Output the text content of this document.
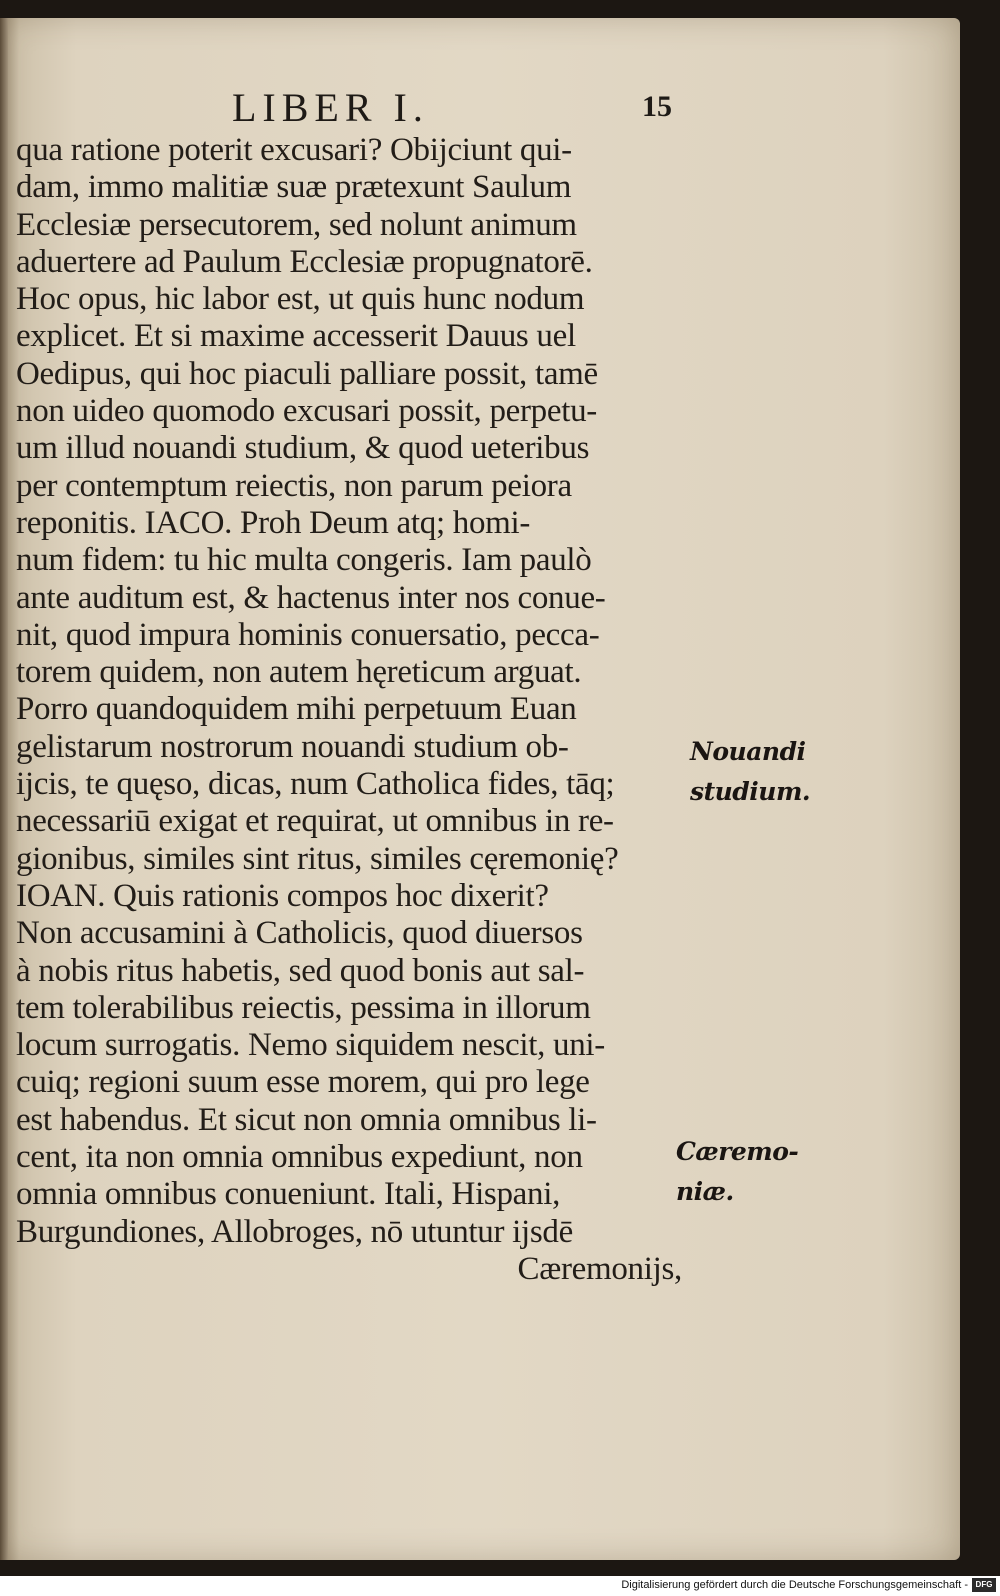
LIBER I.	15
qua ratione poterit excusari? Obijciunt qui-
dam, immo malitiæ suæ prætexunt Saulum
Ecclesiæ persecutorem, sed nolunt animum
aduertere ad Paulum Ecclesiæ propugnatorē.
Hoc opus, hic labor est, ut quis hunc nodum
explicet. Et si maxime accesserit Dauus uel
Oedipus, qui hoc piaculi palliare possit, tamē
non uideo quomodo excusari possit, perpetu-
um illud nouandi studium, & quod ueteribus
per contemptum reiectis, non parum peiora
reponitis. IACO. Proh Deum atq; homi-
num fidem: tu hic multa congeris. Iam paulò
ante auditum est, & hactenus inter nos conue-
nit, quod impura hominis conuersatio, pecca-
torem quidem, non autem hęreticum arguat.
Porro quandoquidem mihi perpetuum Euan
gelistarum nostrorum nouandi studium ob-
ijcis, te quęso, dicas, num Catholica fides, tāq;
necessariū exigat et requirat, ut omnibus in re-
gionibus, similes sint ritus, similes cęremonię?
IOAN. Quis rationis compos hoc dixerit?
Non accusamini à Catholicis, quod diuersos
à nobis ritus habetis, sed quod bonis aut sal-
tem tolerabilibus reiectis, pessima in illorum
locum surrogatis. Nemo siquidem nescit, uni-
cuiq; regioni suum esse morem, qui pro lege
est habendus. Et sicut non omnia omnibus li-
cent, ita non omnia omnibus expediunt, non
omnia omnibus conueniunt. Itali, Hispani,
Burgundiones, Allobroges, nō utuntur ijsdē
Cæremonijs,
Nouandi
studium.
Cæremo-
niæ.
Digitalisierung gefördert durch die Deutsche Forschungsgemeinschaft - DFG
